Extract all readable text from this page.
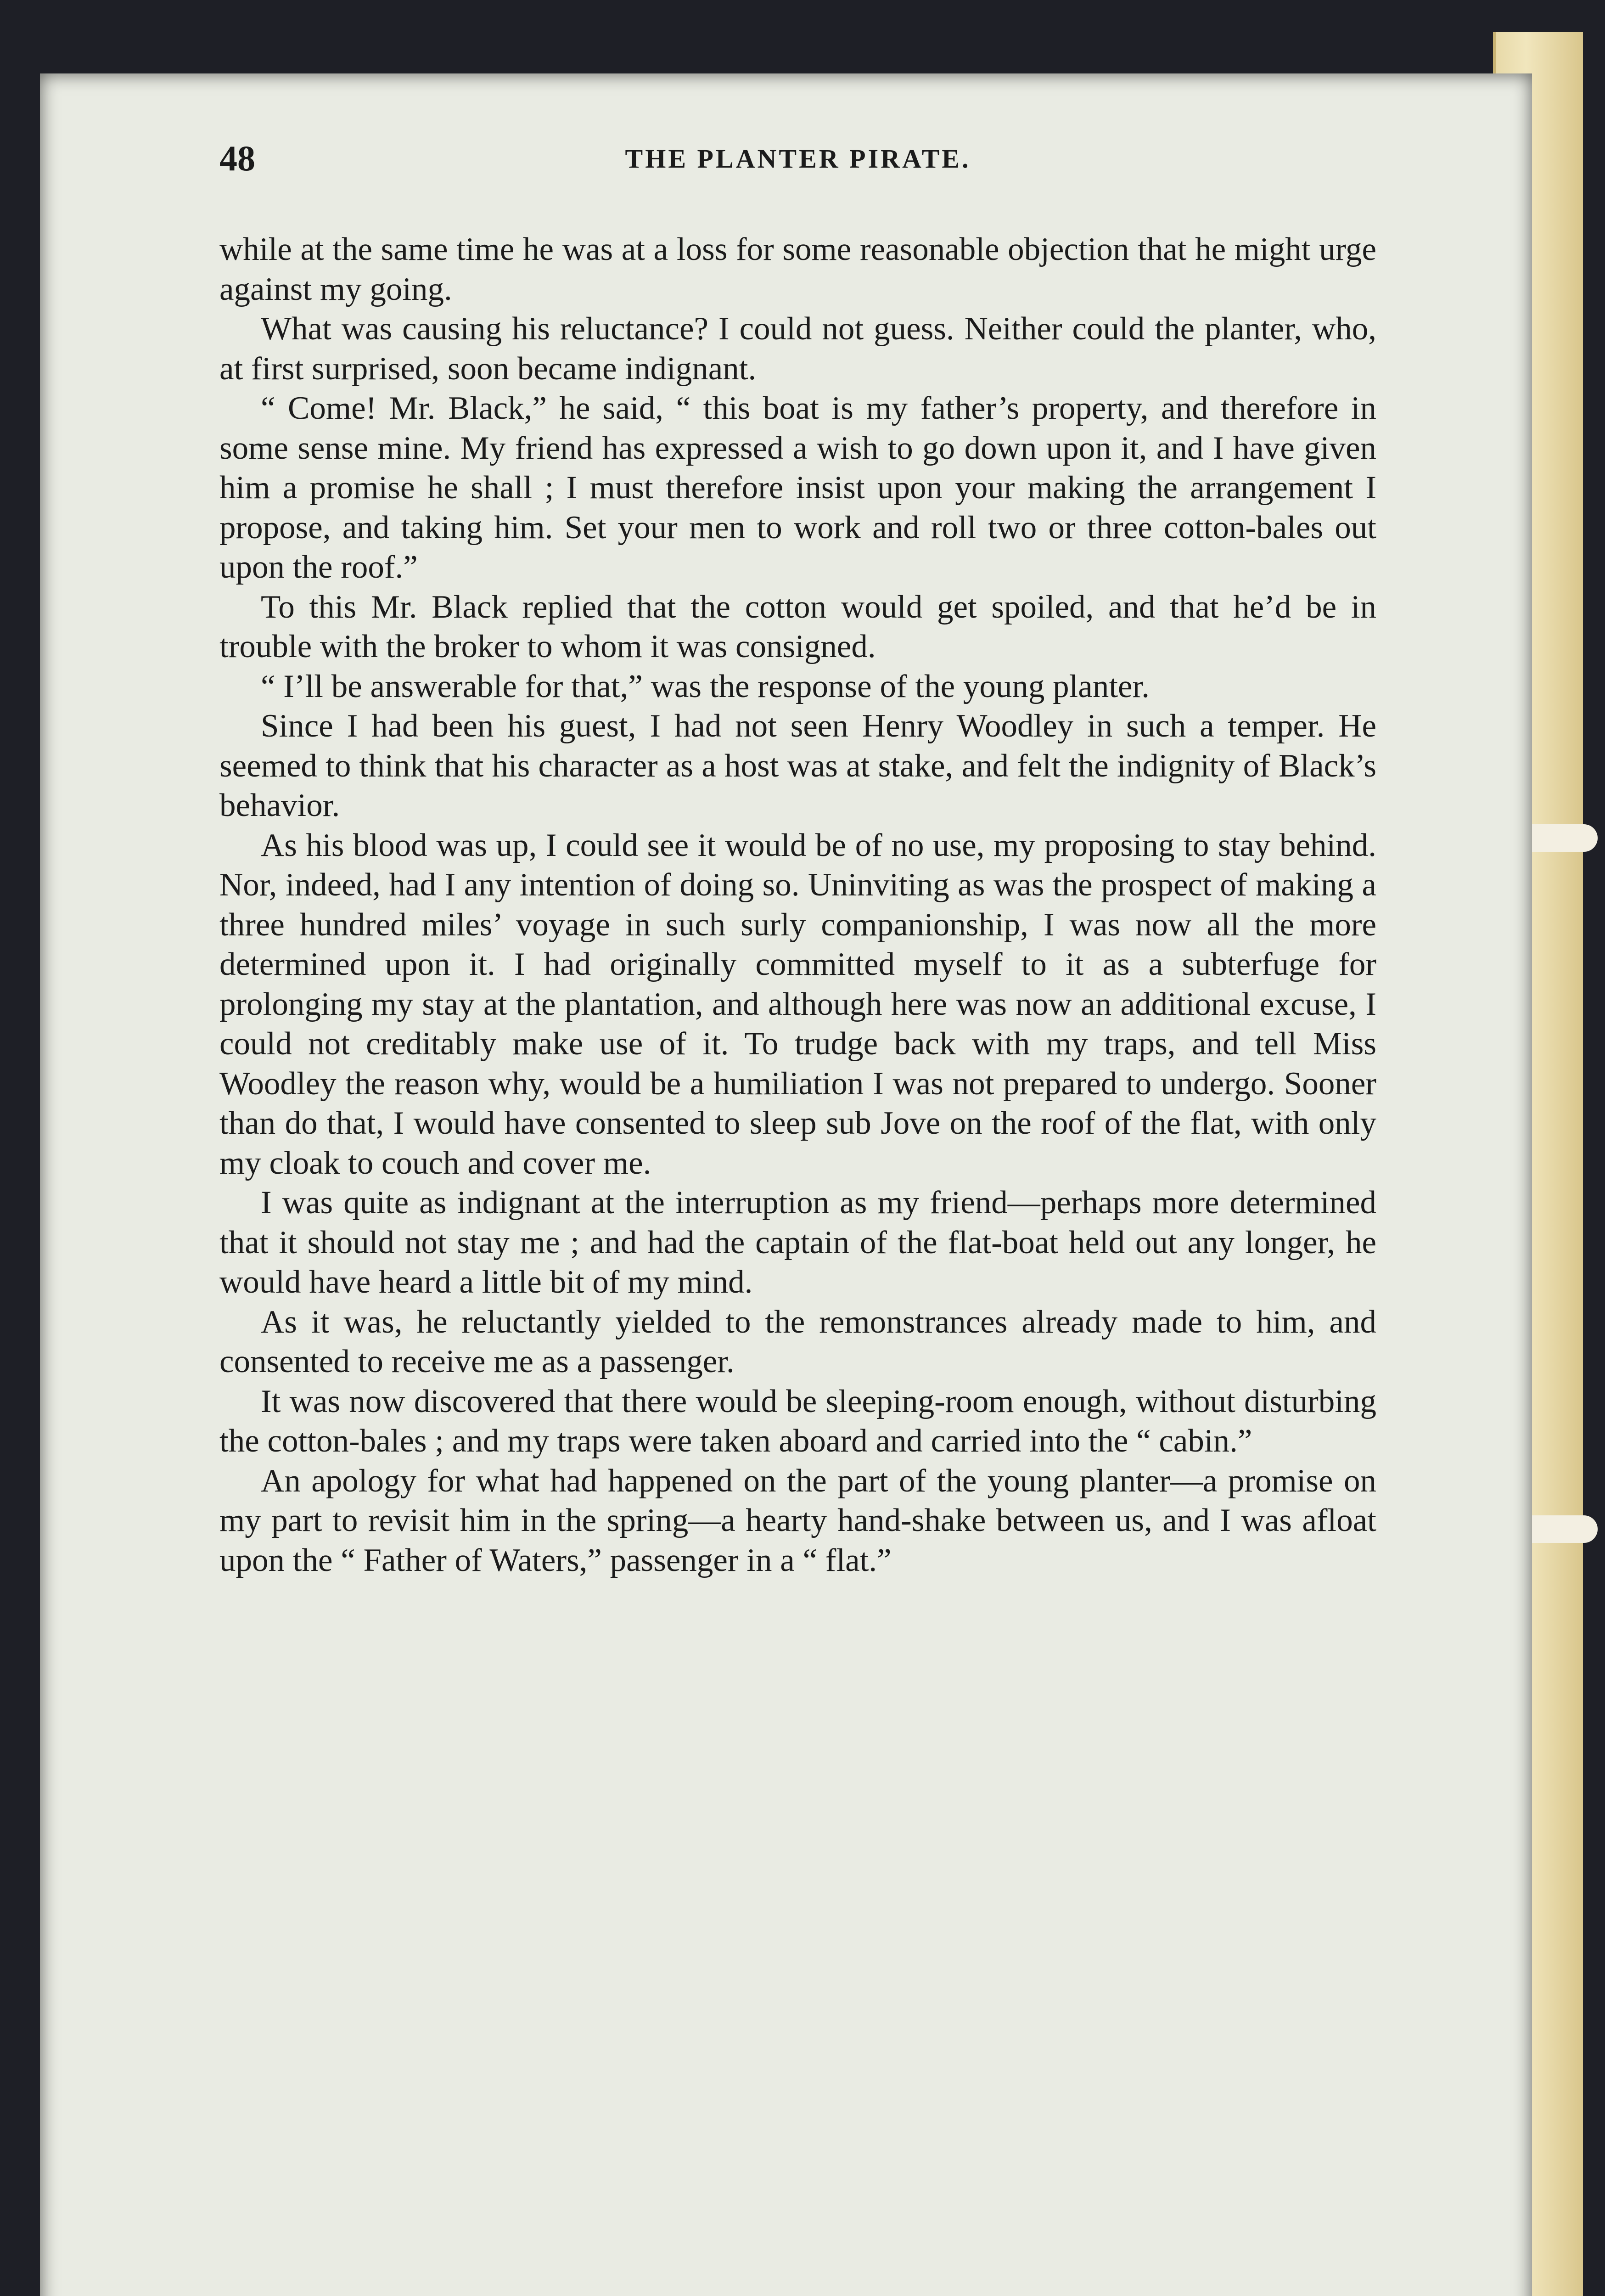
48	THE PLANTER PIRATE.

while at the same time he was at a loss for some reasonable objection that he might urge against my going.

What was causing his reluctance? I could not guess. Neither could the planter, who, at first surprised, soon became indignant.

“ Come! Mr. Black,” he said, “ this boat is my father’s property, and therefore in some sense mine. My friend has expressed a wish to go down upon it, and I have given him a promise he shall ; I must therefore insist upon your making the arrangement I propose, and taking him. Set your men to work and roll two or three cotton-bales out upon the roof.”

To this Mr. Black replied that the cotton would get spoiled, and that he’d be in trouble with the broker to whom it was consigned.

“ I’ll be answerable for that,” was the response of the young planter.

Since I had been his guest, I had not seen Henry Woodley in such a temper. He seemed to think that his character as a host was at stake, and felt the indignity of Black’s behavior.

As his blood was up, I could see it would be of no use, my proposing to stay behind. Nor, indeed, had I any intention of doing so. Uninviting as was the prospect of making a three hundred miles’ voyage in such surly companionship, I was now all the more determined upon it. I had originally committed myself to it as a subterfuge for prolonging my stay at the plantation, and although here was now an additional excuse, I could not creditably make use of it. To trudge back with my traps, and tell Miss Woodley the reason why, would be a humiliation I was not prepared to undergo. Sooner than do that, I would have consented to sleep sub Jove on the roof of the flat, with only my cloak to couch and cover me.

I was quite as indignant at the interruption as my friend—perhaps more determined that it should not stay me ; and had the captain of the flat-boat held out any longer, he would have heard a little bit of my mind.

As it was, he reluctantly yielded to the remonstrances already made to him, and consented to receive me as a passenger.

It was now discovered that there would be sleeping-room enough, without disturbing the cotton-bales ; and my traps were taken aboard and carried into the “ cabin.”

An apology for what had happened on the part of the young planter—a promise on my part to revisit him in the spring—a hearty hand-shake between us, and I was afloat upon the “ Father of Waters,” passenger in a “ flat.”
